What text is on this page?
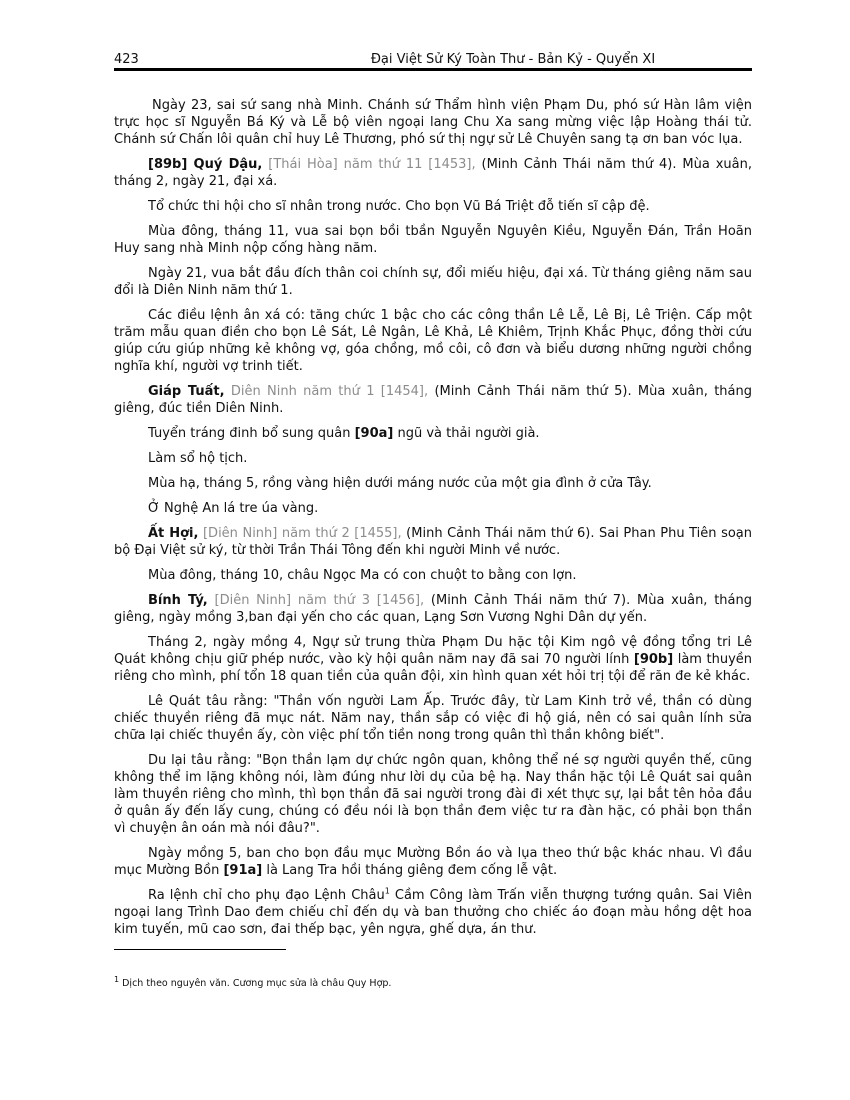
423	Đại Việt Sử Ký Toàn Thư - Bản Kỷ - Quyển XI

Ngày 23, sai sứ sang nhà Minh. Chánh sứ Thẩm hình viện Phạm Du, phó sứ Hàn lâm viện trực học sĩ Nguyễn Bá Ký và Lễ bộ viên ngoại lang Chu Xa sang mừng việc lập Hoàng thái tử. Chánh sứ Chấn lôi quân chỉ huy Lê Thương, phó sứ thị ngự sử Lê Chuyên sang tạ ơn ban vóc lụa.

[89b] Quý Dậu, [Thái Hòa] năm thứ 11 [1453], (Minh Cảnh Thái năm thứ 4). Mùa xuân, tháng 2, ngày 21, đại xá.

Tổ chức thi hội cho sĩ nhân trong nước. Cho bọn Vũ Bá Triệt đỗ tiến sĩ cập đệ.

Mùa đông, tháng 11, vua sai bọn bồi tbần Nguyễn Nguyên Kiều, Nguyễn Đán, Trần Hoãn Huy sang nhà Minh nộp cống hàng năm.

Ngày 21, vua bắt đầu đích thân coi chính sự, đổi miếu hiệu, đại xá. Từ tháng giêng năm sau đổi là Diên Ninh năm thứ 1.

Các điều lệnh ân xá có: tăng chức 1 bậc cho các công thần Lê Lễ, Lê Bị, Lê Triện. Cấp một trăm mẫu quan điền cho bọn Lê Sát, Lê Ngân, Lê Khả, Lê Khiêm, Trịnh Khắc Phục, đồng thời cứu giúp cứu giúp những kẻ không vợ, góa chồng, mồ côi, cô đơn và biểu dương những người chồng nghĩa khí, người vợ trinh tiết.

Giáp Tuất, Diên Ninh năm thứ 1 [1454], (Minh Cảnh Thái năm thứ 5). Mùa xuân, tháng giêng, đúc tiền Diên Ninh.

Tuyển tráng đinh bổ sung quân [90a] ngũ và thải người già.

Làm sổ hộ tịch.

Mùa hạ, tháng 5, rồng vàng hiện dưới máng nước của một gia đình ở cửa Tây.

Ở Nghệ An lá tre úa vàng.

Ất Hợi, [Diên Ninh] năm thứ 2 [1455], (Minh Cảnh Thái năm thứ 6). Sai Phan Phu Tiên soạn bộ Đại Việt sử ký, từ thời Trần Thái Tông đến khi người Minh về nước.

Mùa đông, tháng 10, châu Ngọc Ma có con chuột to bằng con lợn.

Bính Tý, [Diên Ninh] năm thứ 3 [1456], (Minh Cảnh Thái năm thứ 7). Mùa xuân, tháng giêng, ngày mồng 3,ban đại yến cho các quan, Lạng Sơn Vương Nghi Dân dự yến.

Tháng 2, ngày mồng 4, Ngự sử trung thừa Phạm Du hặc tội Kim ngô vệ đồng tổng tri Lê Quát không chịu giữ phép nước, vào kỳ hội quân năm nay đã sai 70 người lính [90b] làm thuyền riêng cho mình, phí tổn 18 quan tiền của quân đội, xin hình quan xét hỏi trị tội để răn đe kẻ khác.

Lê Quát tâu rằng: "Thần vốn người Lam Ấp. Trước đây, từ Lam Kinh trở về, thần có dùng chiếc thuyền riêng đã mục nát. Năm nay, thần sắp có việc đi hộ giá, nên có sai quân lính sửa chữa lại chiếc thuyền ấy, còn việc phí tổn tiền nong trong quân thì thần không biết".

Du lại tâu rằng: "Bọn thần lạm dự chức ngôn quan, không thể né sợ người quyền thế, cũng không thể im lặng không nói, làm đúng như lời dụ của bệ hạ. Nay thần hặc tội Lê Quát sai quân làm thuyền riêng cho mình, thì bọn thần đã sai người trong đài đi xét thực sự, lại bắt tên hỏa đầu ở quân ấy đến lấy cung, chúng có đều nói là bọn thần đem việc tư ra đàn hặc, có phải bọn thần vì chuyện ân oán mà nói đâu?".

Ngày mồng 5, ban cho bọn đầu mục Mường Bồn áo và lụa theo thứ bậc khác nhau. Vì đầu mục Mường Bồn [91a] là Lang Tra hồi tháng giêng đem cống lễ vật.

Ra lệnh chỉ cho phụ đạo Lệnh Châu$^1$ Cầm Công làm Trấn viễn thượng tướng quân. Sai Viên ngoại lang Trình Dao đem chiếu chỉ đến dụ và ban thưởng cho chiếc áo đoạn màu hồng dệt hoa kim tuyến, mũ cao sơn, đai thếp bạc, yên ngựa, ghế dựa, án thư.

$^1$ Dịch theo nguyên văn. Cương mục sửa là châu Quy Hợp.
